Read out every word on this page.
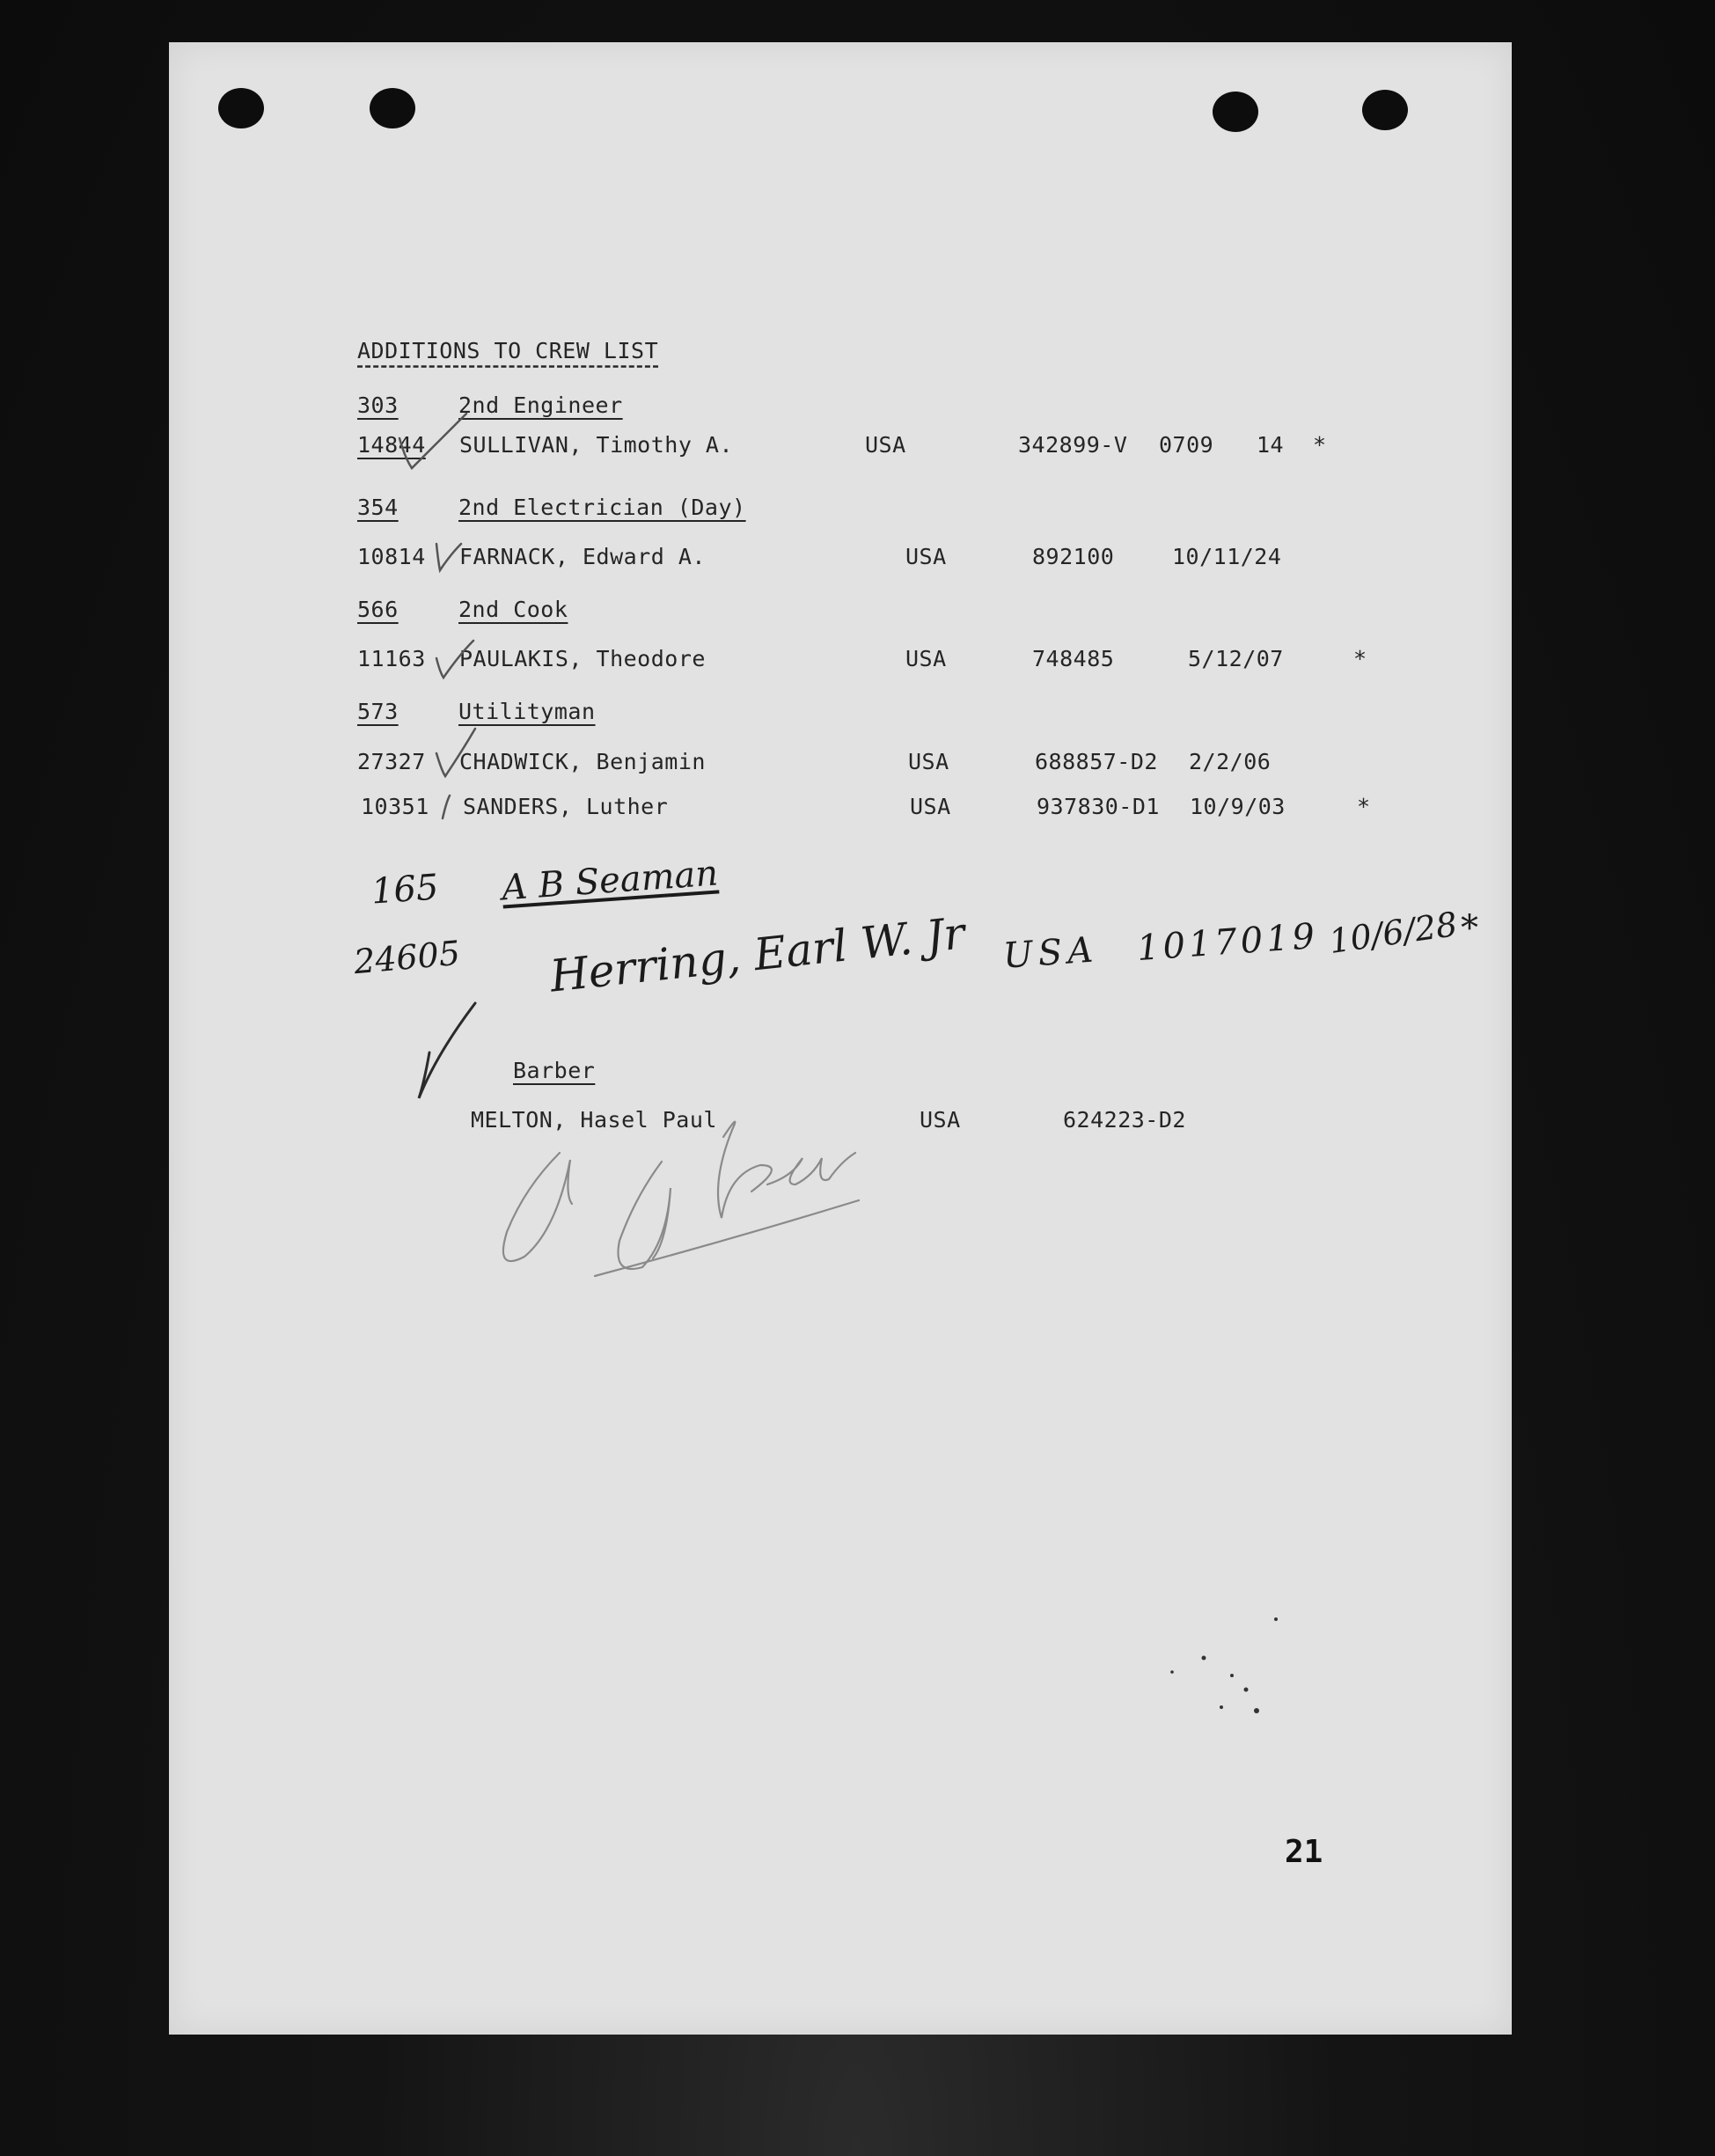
ADDITIONS TO CREW LIST
303	2nd Engineer
14844 SULLIVAN, Timothy A.	USA	342899-V 0709 14 *
354	2nd Electrician (Day)
10814 FARNACK, Edward A.	USA	892100	10/11/24
566	2nd Cook
11163 PAULAKIS, Theodore	USA	748485	5/12/07	*
573	Utilityman
27327 CHADWICK, Benjamin	USA	688857-D2 2/2/06
10351 SANDERS, Luther	USA	937830-D1 10/9/03	*
165 A B Seaman
24605 Herring, Earl W. Jr USA 1017019 10/6/28 *
Barber
MELTON, Hasel Paul	USA	624223-D2
21
